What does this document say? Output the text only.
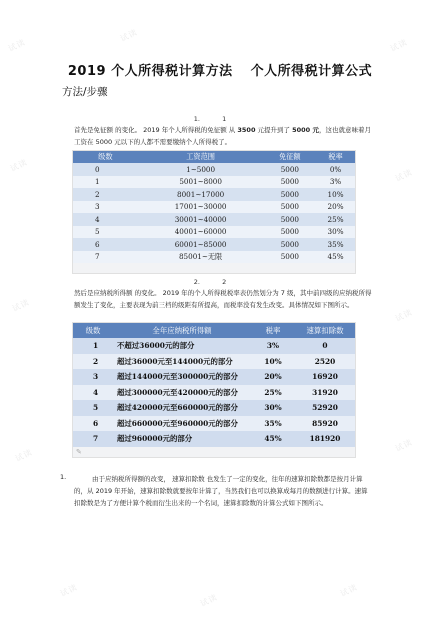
试读
试读
试读
试读
试读
试读
试读
试读
试读
试读
试读
试读
2019 个人所得税计算方法 个人所得税计算公式
方法/步骤
1.	1
首先是免征额 的变化。 2019 年个人所得税的免征额 从 3500 元提升到了 5000 元，这也就意味着月工资在 5000 元以下的人都不需要缴纳个人所得税了。
级数	工资范围	免征额	税率
0	1~5000	5000	0%
1	5001~8000	5000	3%
2	8001~17000	5000	10%
3	17001~30000	5000	20%
4	30001~40000	5000	25%
5	40001~60000	5000	30%
6	60001~85000	5000	35%
7	85001~无限	5000	45%
2.	2
然后是应纳税所得额 的变化。 2019 年的个人所得税税率表仍然划分为 7 级，其中前四级的应纳税所得额发生了变化，主要表现为前三档的级距有所提高，而税率没有发生改变。具体情况如下图所示。
级数	全年应纳税所得额	税率	速算扣除数
1	不超过36000元的部分	3%	0
2	超过36000元至144000元的部分	10%	2520
3	超过144000元至300000元的部分	20%	16920
4	超过300000元至420000元的部分	25%	31920
5	超过420000元至660000元的部分	30%	52920
6	超过660000元至960000元的部分	35%	85920
7	超过960000元的部分	45%	181920
✎
1.	由于应纳税所得额的改变， 速算扣除数 也发生了一定的变化，往年的速算扣除数都是按月计算的，从 2019 年开始，速算扣除数就要按年计算了，当然我们也可以换算成每月的数额进行计算。速算扣除数是为了方便计算个税而衍生出来的一个名词，速算扣除数的计算公式如下图所示。
